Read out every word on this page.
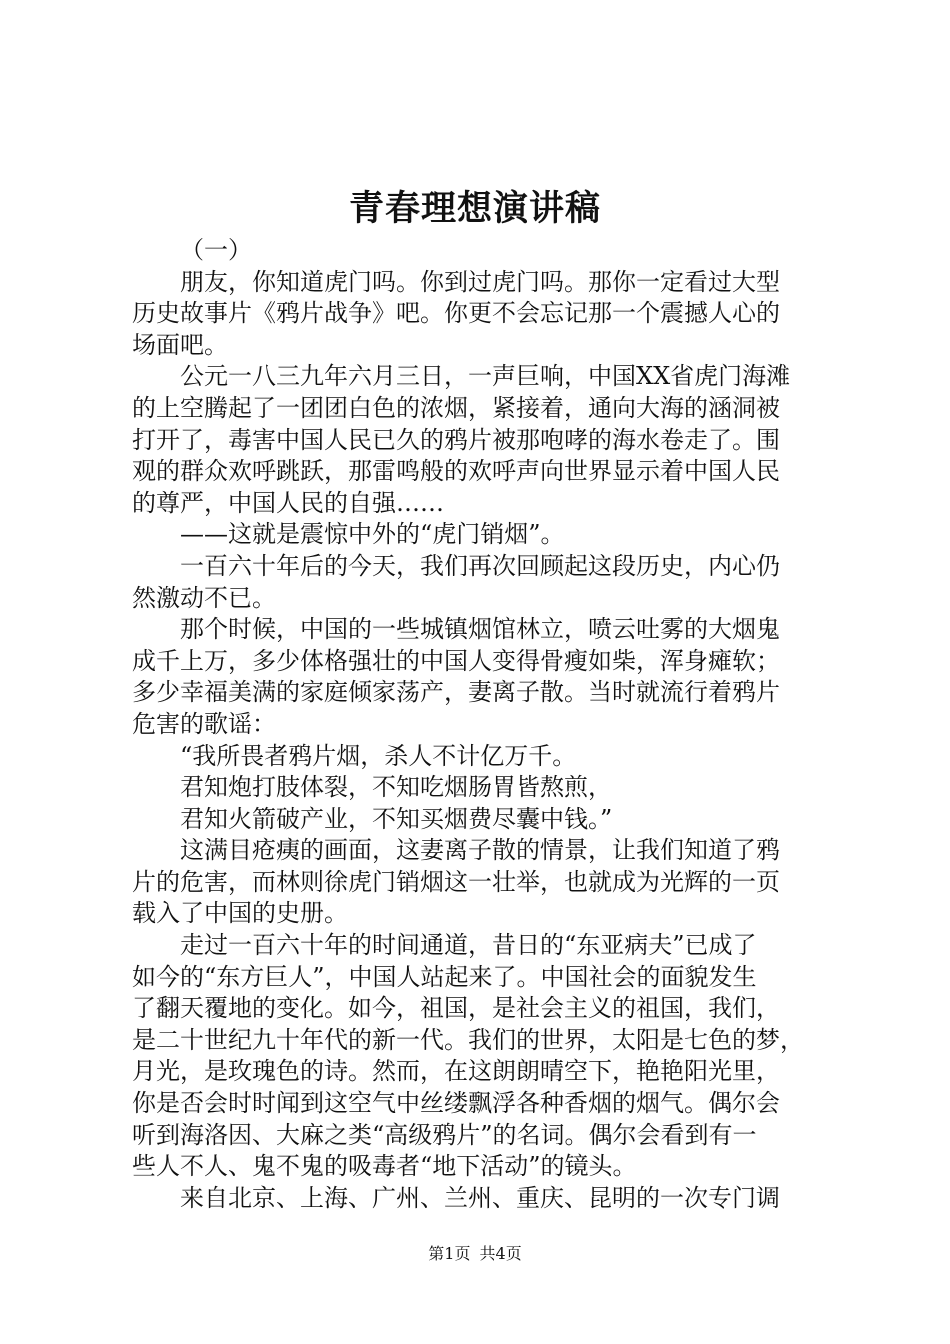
青春理想演讲稿

（一）

朋友，你知道虎门吗。你到过虎门吗。那你一定看过大型
历史故事片《鸦片战争》吧。你更不会忘记那一个震撼人心的
场面吧。

公元一八三九年六月三日，一声巨响，中国XX省虎门海滩
的上空腾起了一团团白色的浓烟，紧接着，通向大海的涵洞被
打开了，毒害中国人民已久的鸦片被那咆哮的海水卷走了。围
观的群众欢呼跳跃，那雷鸣般的欢呼声向世界显示着中国人民
的尊严，中国人民的自强……

——这就是震惊中外的“虎门销烟”。

一百六十年后的今天，我们再次回顾起这段历史，内心仍
然激动不已。

那个时候，中国的一些城镇烟馆林立，喷云吐雾的大烟鬼
成千上万，多少体格强壮的中国人变得骨瘦如柴，浑身瘫软；
多少幸福美满的家庭倾家荡产，妻离子散。当时就流行着鸦片
危害的歌谣：

“我所畏者鸦片烟，杀人不计亿万千。

君知炮打肢体裂，不知吃烟肠胃皆熬煎，

君知火箭破产业，不知买烟费尽囊中钱。”

这满目疮痍的画面，这妻离子散的情景，让我们知道了鸦
片的危害，而林则徐虎门销烟这一壮举，也就成为光辉的一页
载入了中国的史册。

走过一百六十年的时间通道，昔日的“东亚病夫”已成了
如今的“东方巨人”，中国人站起来了。中国社会的面貌发生
了翻天覆地的变化。如今，祖国，是社会主义的祖国，我们，
是二十世纪九十年代的新一代。我们的世界，太阳是七色的梦，
月光，是玫瑰色的诗。然而，在这朗朗晴空下，艳艳阳光里，
你是否会时时闻到这空气中丝缕飘浮各种香烟的烟气。偶尔会
听到海洛因、大麻之类“高级鸦片”的名词。偶尔会看到有一
些人不人、鬼不鬼的吸毒者“地下活动”的镜头。

来自北京、上海、广州、兰州、重庆、昆明的一次专门调

第1页 共4页
